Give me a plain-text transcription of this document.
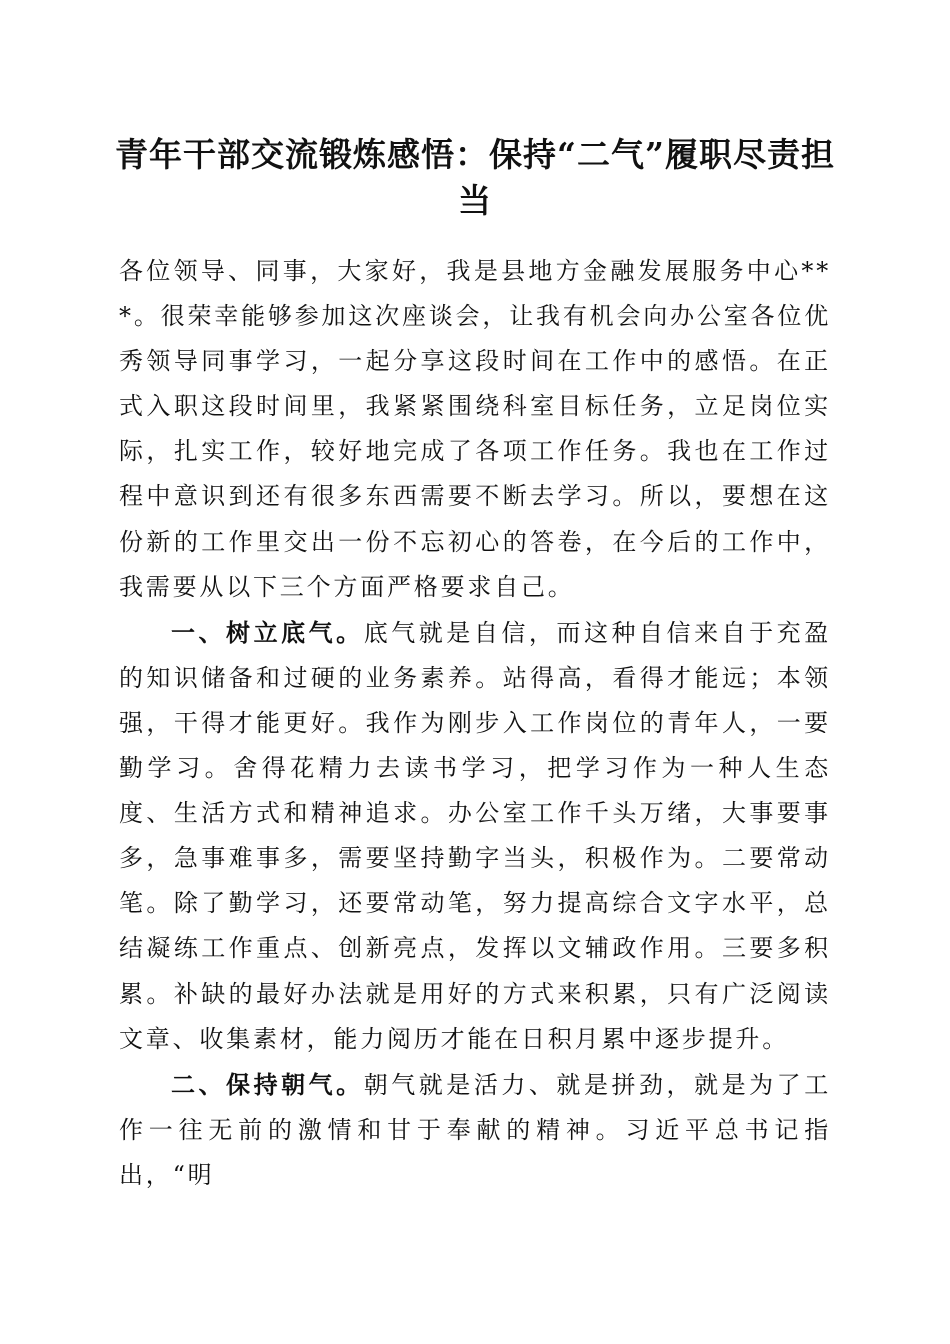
青年干部交流锻炼感悟：保持“二气”履职尽责担当

各位领导、同事，大家好，我是县地方金融发展服务中心***。很荣幸能够参加这次座谈会，让我有机会向办公室各位优秀领导同事学习，一起分享这段时间在工作中的感悟。在正式入职这段时间里，我紧紧围绕科室目标任务，立足岗位实际，扎实工作，较好地完成了各项工作任务。我也在工作过程中意识到还有很多东西需要不断去学习。所以，要想在这份新的工作里交出一份不忘初心的答卷，在今后的工作中，我需要从以下三个方面严格要求自己。

一、树立底气。底气就是自信，而这种自信来自于充盈的知识储备和过硬的业务素养。站得高，看得才能远；本领强，干得才能更好。我作为刚步入工作岗位的青年人，一要勤学习。舍得花精力去读书学习，把学习作为一种人生态度、生活方式和精神追求。办公室工作千头万绪，大事要事多，急事难事多，需要坚持勤字当头，积极作为。二要常动笔。除了勤学习，还要常动笔，努力提高综合文字水平，总结凝练工作重点、创新亮点，发挥以文辅政作用。三要多积累。补缺的最好办法就是用好的方式来积累，只有广泛阅读文章、收集素材，能力阅历才能在日积月累中逐步提升。

二、保持朝气。朝气就是活力、就是拼劲，就是为了工作一往无前的激情和甘于奉献的精神。习近平总书记指出，“明
